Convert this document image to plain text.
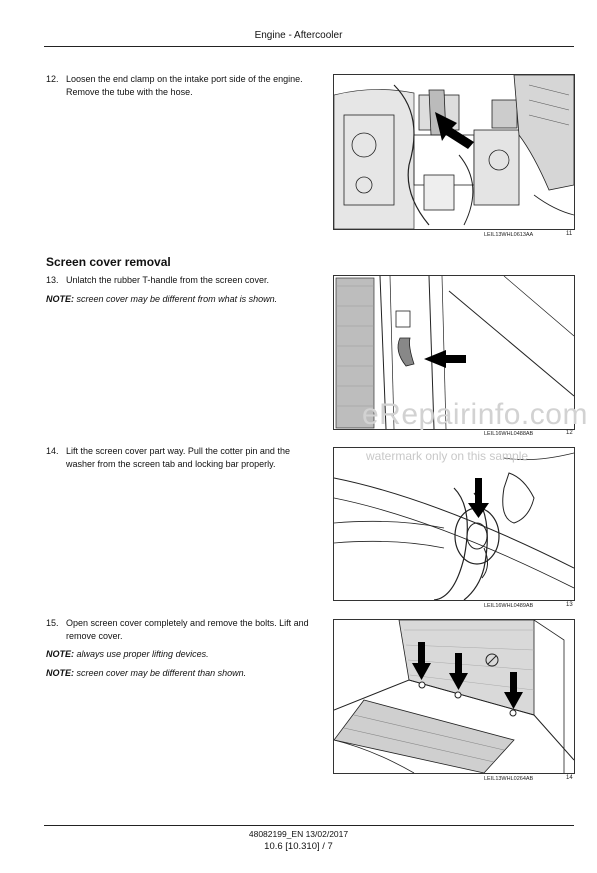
Engine - Aftercooler
12. Loosen the end clamp on the intake port side of the engine. Remove the tube with the hose.
LEIL13WHL0613AA	11
Screen cover removal
13. Unlatch the rubber T-handle from the screen cover.
NOTE: screen cover may be different from what is shown.
LEIL16WHL0488AB	12
14. Lift the screen cover part way. Pull the cotter pin and the washer from the screen tab and locking bar properly.
LEIL16WHL0489AB	13
eRepairinfo.com
watermark only on this sample
15. Open screen cover completely and remove the bolts. Lift and remove cover.
NOTE: always use proper lifting devices.
NOTE: screen cover may be different than shown.
LEIL13WHL0264AB	14
48082199_EN 13/02/2017
10.6 [10.310] / 7
